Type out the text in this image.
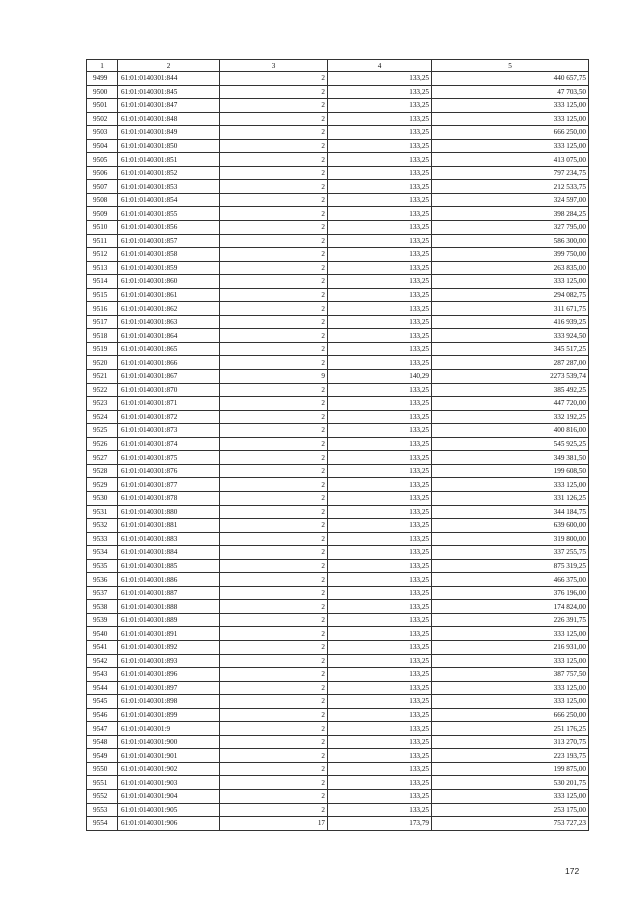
1	2	3	4	5
9499	61:01:0140301:844	2	133,25	440 657,75
9500	61:01:0140301:845	2	133,25	47 703,50
9501	61:01:0140301:847	2	133,25	333 125,00
9502	61:01:0140301:848	2	133,25	333 125,00
9503	61:01:0140301:849	2	133,25	666 250,00
9504	61:01:0140301:850	2	133,25	333 125,00
9505	61:01:0140301:851	2	133,25	413 075,00
9506	61:01:0140301:852	2	133,25	797 234,75
9507	61:01:0140301:853	2	133,25	212 533,75
9508	61:01:0140301:854	2	133,25	324 597,00
9509	61:01:0140301:855	2	133,25	398 284,25
9510	61:01:0140301:856	2	133,25	327 795,00
9511	61:01:0140301:857	2	133,25	586 300,00
9512	61:01:0140301:858	2	133,25	399 750,00
9513	61:01:0140301:859	2	133,25	263 835,00
9514	61:01:0140301:860	2	133,25	333 125,00
9515	61:01:0140301:861	2	133,25	294 082,75
9516	61:01:0140301:862	2	133,25	311 671,75
9517	61:01:0140301:863	2	133,25	416 939,25
9518	61:01:0140301:864	2	133,25	333 924,50
9519	61:01:0140301:865	2	133,25	345 517,25
9520	61:01:0140301:866	2	133,25	287 287,00
9521	61:01:0140301:867	9	140,29	2273 539,74
9522	61:01:0140301:870	2	133,25	385 492,25
9523	61:01:0140301:871	2	133,25	447 720,00
9524	61:01:0140301:872	2	133,25	332 192,25
9525	61:01:0140301:873	2	133,25	400 816,00
9526	61:01:0140301:874	2	133,25	545 925,25
9527	61:01:0140301:875	2	133,25	349 381,50
9528	61:01:0140301:876	2	133,25	199 608,50
9529	61:01:0140301:877	2	133,25	333 125,00
9530	61:01:0140301:878	2	133,25	331 126,25
9531	61:01:0140301:880	2	133,25	344 184,75
9532	61:01:0140301:881	2	133,25	639 600,00
9533	61:01:0140301:883	2	133,25	319 800,00
9534	61:01:0140301:884	2	133,25	337 255,75
9535	61:01:0140301:885	2	133,25	875 319,25
9536	61:01:0140301:886	2	133,25	466 375,00
9537	61:01:0140301:887	2	133,25	376 196,00
9538	61:01:0140301:888	2	133,25	174 824,00
9539	61:01:0140301:889	2	133,25	226 391,75
9540	61:01:0140301:891	2	133,25	333 125,00
9541	61:01:0140301:892	2	133,25	216 931,00
9542	61:01:0140301:893	2	133,25	333 125,00
9543	61:01:0140301:896	2	133,25	387 757,50
9544	61:01:0140301:897	2	133,25	333 125,00
9545	61:01:0140301:898	2	133,25	333 125,00
9546	61:01:0140301:899	2	133,25	666 250,00
9547	61:01:0140301:9	2	133,25	251 176,25
9548	61:01:0140301:900	2	133,25	313 270,75
9549	61:01:0140301:901	2	133,25	223 193,75
9550	61:01:0140301:902	2	133,25	199 875,00
9551	61:01:0140301:903	2	133,25	530 201,75
9552	61:01:0140301:904	2	133,25	333 125,00
9553	61:01:0140301:905	2	133,25	253 175,00
9554	61:01:0140301:906	17	173,79	753 727,23
172
